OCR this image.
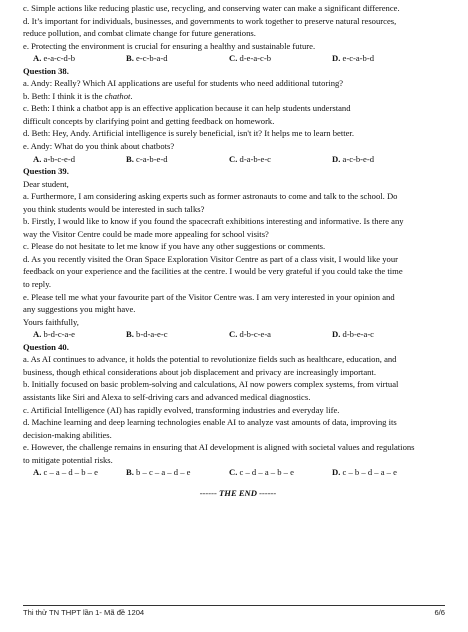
c. Simple actions like reducing plastic use, recycling, and conserving water can make a significant difference.
d. It’s important for individuals, businesses, and governments to work together to preserve natural resources,
reduce pollution, and combat climate change for future generations.
e. Protecting the environment is crucial for ensuring a healthy and sustainable future.
A. e-a-c-d-b	B. e-c-b-a-d	C. d-e-a-c-b	D. e-c-a-b-d
Question 38.
a. Andy: Really? Which AI applications are useful for students who need additional tutoring?
b. Beth: I think it is the chathot.
c. Beth: I think a chatbot app is an effective application because it can help students understand
difficult concepts by clarifying point and getting feedback on homework.
d. Beth: Hey, Andy. Artificial intelligence is surely beneficial, isn't it? It helps me to learn better.
e. Andy: What do you think about chatbots?
A. a-b-c-e-d	B. c-a-b-e-d	C. d-a-b-e-c	D. a-c-b-e-d
Question 39.
Dear student,
a. Furthermore, I am considering asking experts such as former astronauts to come and talk to the school. Do
you think students would be interested in such talks?
b. Firstly, I would like to know if you found the spacecraft exhibitions interesting and informative. Is there any
way the Visitor Centre could be made more appealing for school visits?
c. Please do not hesitate to let me know if you have any other suggestions or comments.
d. As you recently visited the Oran Space Exploration Visitor Centre as part of a class visit, I would like your
feedback on your experience and the facilities at the centre. I would be very grateful if you could take the time
to reply.
e. Please tell me what your favourite part of the Visitor Centre was. I am very interested in your opinion and
any suggestions you might have.
Yours faithfully,
A. b-d-c-a-e	B. b-d-a-e-c	C. d-b-c-e-a	D. d-b-e-a-c
Question 40.
a. As AI continues to advance, it holds the potential to revolutionize fields such as healthcare, education, and
business, though ethical considerations about job displacement and privacy are increasingly important.
b. Initially focused on basic problem-solving and calculations, AI now powers complex systems, from virtual
assistants like Siri and Alexa to self-driving cars and advanced medical diagnostics.
c. Artificial Intelligence (AI) has rapidly evolved, transforming industries and everyday life.
d. Machine learning and deep learning technologies enable AI to analyze vast amounts of data, improving its
decision-making abilities.
e. However, the challenge remains in ensuring that AI development is aligned with societal values and regulations
to mitigate potential risks.
A. c – a – d – b – e	B. b – c – a – d – e	C. c – d – a – b – e	D. c – b – d – a – e
------ THE END ------
Thi thử TN THPT lần 1- Mã đề 1204	6/6
